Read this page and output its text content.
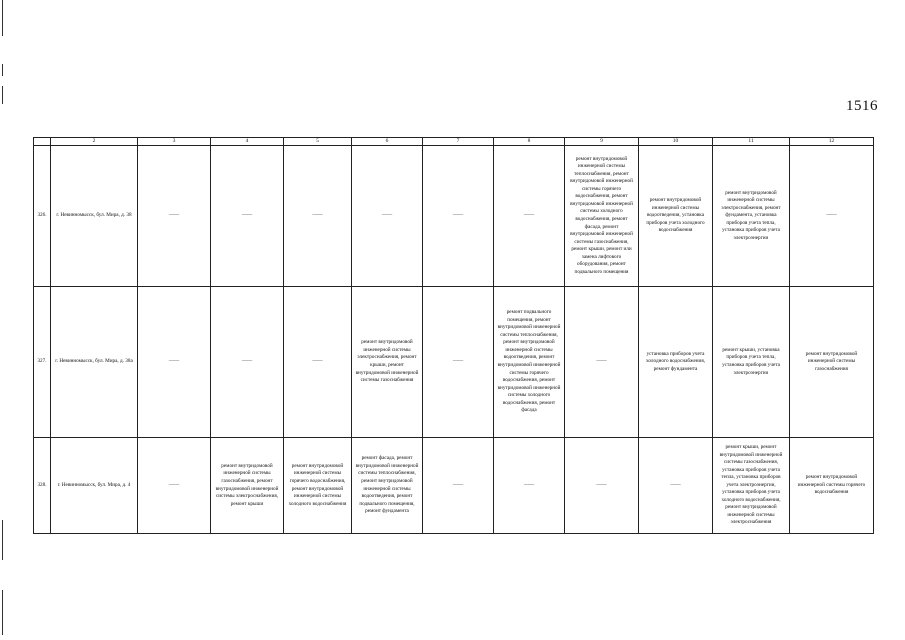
1516
	2	3	4	5	6	7	8	9	10	11	12
326.	г. Невинномысск, бул. Мира, д. 38	——	——	——	——	——	——	ремонт внутридомовой инженерной системы теплоснабжения, ремонт внутридомовой инженерной системы горячего водоснабжения, ремонт внутридомовой инженерной системы холодного водоснабжения, ремонт фасада, ремонт внутридомовой инженерной системы газоснабжения, ремонт крыши, ремонт или замена лифтового оборудования, ремонт подвального помещения	ремонт внутридомовой инженерной системы водоотведения, установка приборов учета холодного водоснабжения	ремонт внутридомовой инженерной системы электроснабжения, ремонт фундамента, установка приборов учета тепла, установка приборов учета электроэнергии	——
327.	г. Невинномысск, бул. Мира, д. 38а	——	——	——	ремонт внутридомовой инженерной системы электроснабжения, ремонт крыши, ремонт внутридомовой инженерной системы газоснабжения	——	ремонт подвального помещения, ремонт внутридомовой инженерной системы теплоснабжения, ремонт внутридомовой инженерной системы водоотведения, ремонт внутридомовой инженерной системы горячего водоснабжения, ремонт внутридомовой инженерной системы холодного водоснабжения, ремонт фасада	——	установка приборов учета холодного водоснабжения, ремонт фундамента	ремонт крыши, установка приборов учета тепла, установка приборов учета электроэнергии	ремонт внутридомовой инженерной системы газоснабжения
328.	г. Невинномысск, бул. Мира, д. 4	——	ремонт внутридомовой инженерной системы газоснабжения, ремонт внутридомовой инженерной системы электроснабжения, ремонт крыши	ремонт внутридомовой инженерной системы горячего водоснабжения, ремонт внутридомовой инженерной системы холодного водоснабжения	ремонт фасада, ремонт внутридомовой инженерной системы теплоснабжения, ремонт внутридомовой инженерной системы водоотведения, ремонт подвального помещения, ремонт фундамента	——	——	——	——	ремонт крыши, ремонт внутридомовой инженерной системы газоснабжения, установка приборов учета тепла, установка приборов учета электроэнергии, установка приборов учета холодного водоснабжения, ремонт внутридомовой инженерной системы электроснабжения	ремонт внутридомовой инженерной системы горячего водоснабжения
